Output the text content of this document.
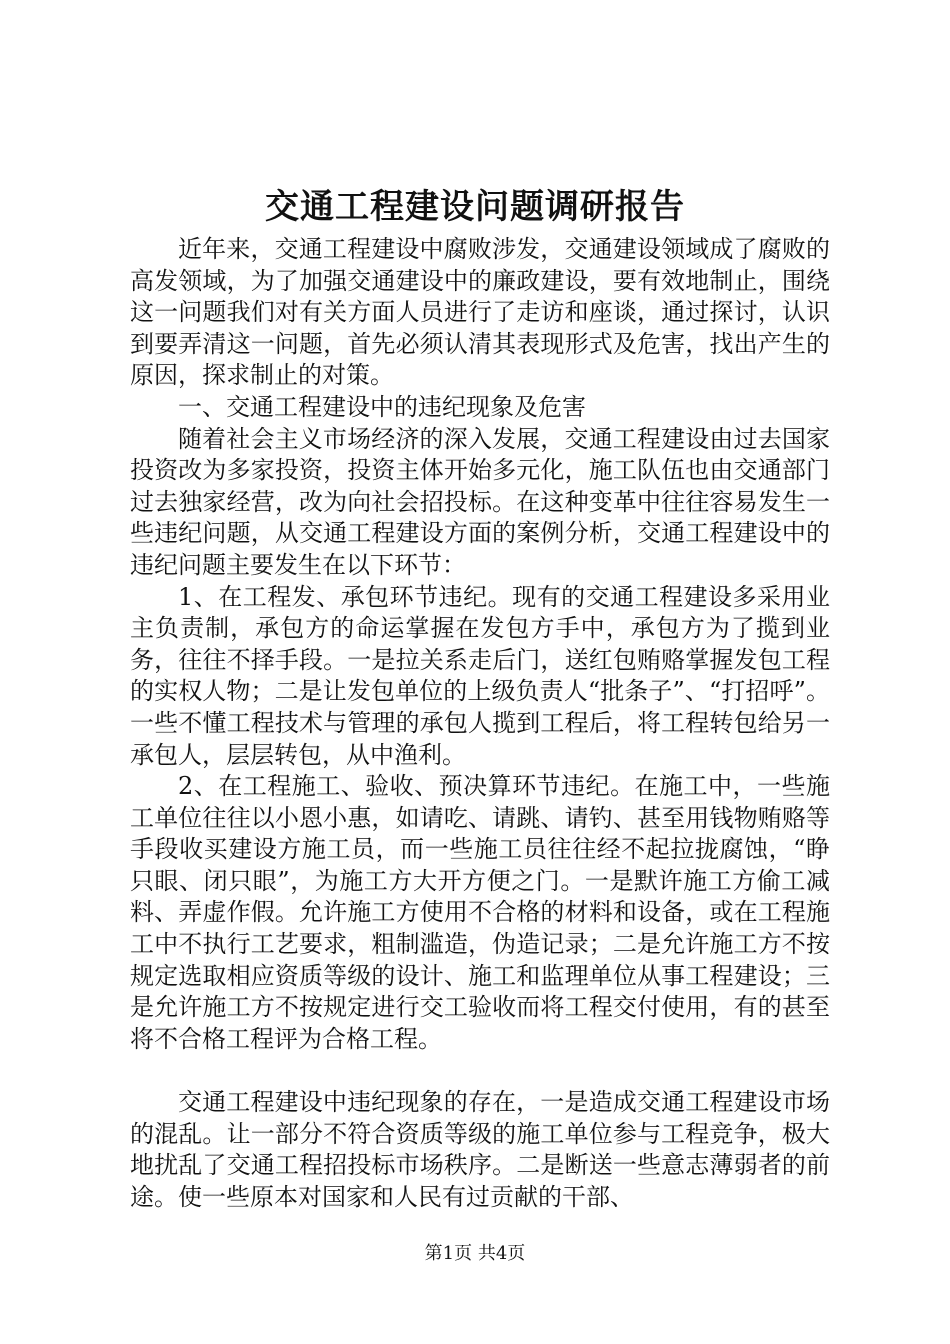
交通工程建设问题调研报告

近年来，交通工程建设中腐败涉发，交通建设领域成了腐败的高发领域，为了加强交通建设中的廉政建设，要有效地制止，围绕这一问题我们对有关方面人员进行了走访和座谈，通过探讨，认识到要弄清这一问题，首先必须认清其表现形式及危害，找出产生的原因，探求制止的对策。

一、交通工程建设中的违纪现象及危害

随着社会主义市场经济的深入发展，交通工程建设由过去国家投资改为多家投资，投资主体开始多元化，施工队伍也由交通部门过去独家经营，改为向社会招投标。在这种变革中往往容易发生一些违纪问题，从交通工程建设方面的案例分析，交通工程建设中的违纪问题主要发生在以下环节：

1、在工程发、承包环节违纪。现有的交通工程建设多采用业主负责制，承包方的命运掌握在发包方手中，承包方为了揽到业务，往往不择手段。一是拉关系走后门，送红包贿赂掌握发包工程的实权人物；二是让发包单位的上级负责人“批条子”、“打招呼”。一些不懂工程技术与管理的承包人揽到工程后，将工程转包给另一承包人，层层转包，从中渔利。

2、在工程施工、验收、预决算环节违纪。在施工中，一些施工单位往往以小恩小惠，如请吃、请跳、请钓、甚至用钱物贿赂等手段收买建设方施工员，而一些施工员往往经不起拉拢腐蚀，“睁只眼、闭只眼”，为施工方大开方便之门。一是默许施工方偷工减料、弄虚作假。允许施工方使用不合格的材料和设备，或在工程施工中不执行工艺要求，粗制滥造，伪造记录；二是允许施工方不按规定选取相应资质等级的设计、施工和监理单位从事工程建设；三是允许施工方不按规定进行交工验收而将工程交付使用，有的甚至将不合格工程评为合格工程。

交通工程建设中违纪现象的存在，一是造成交通工程建设市场的混乱。让一部分不符合资质等级的施工单位参与工程竞争，极大地扰乱了交通工程招投标市场秩序。二是断送一些意志薄弱者的前途。使一些原本对国家和人民有过贡献的干部、

第1页 共4页
